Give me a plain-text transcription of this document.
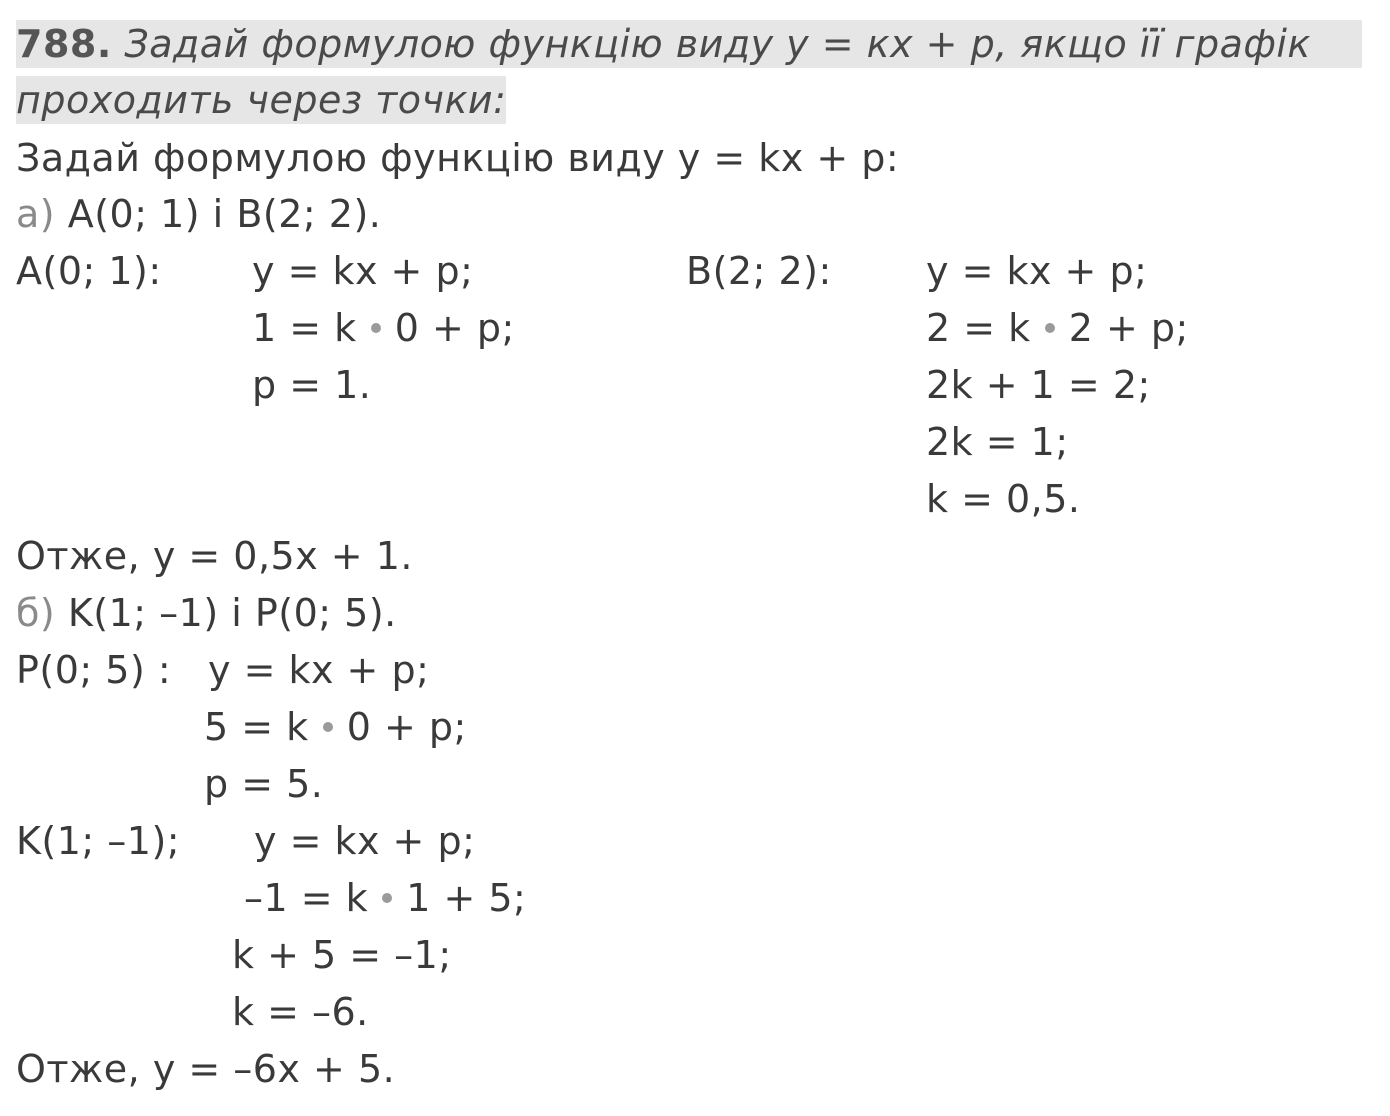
788. Задай формулою функцію виду y = кх + р, якщо її графік
проходить через точки:
Задай формулою функцію виду y = kx + p:
а) A(0; 1) і B(2; 2).
A(0; 1): y = kx + p;
1 = k 0 + p;
p = 1.
B(2; 2): y = kx + p;
2 = k 2 + p;
2k + 1 = 2;
2k = 1;
k = 0,5.
Отже, y = 0,5x + 1.
б) K(1; –1) і P(0; 5).
P(0; 5) : y = kx + p;
5 = k 0 + p;
p = 5.
K(1; –1); y = kx + p;
–1 = k 1 + 5;
k + 5 = –1;
k = –6.
Отже, y = –6x + 5.
